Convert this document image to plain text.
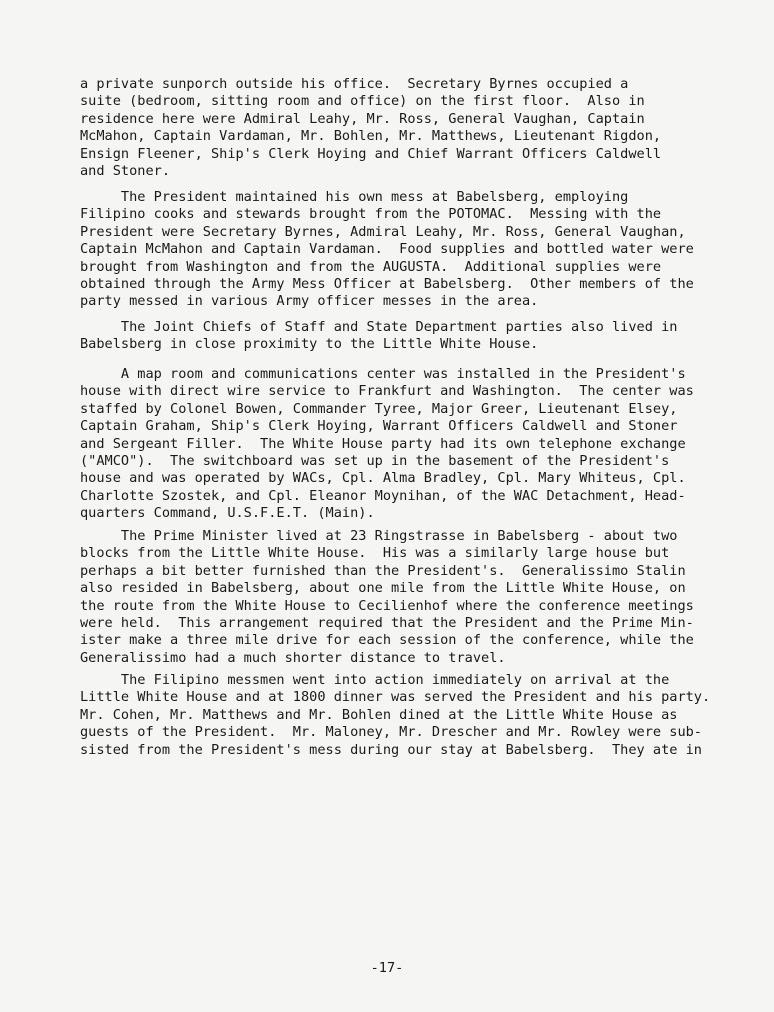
a private sunporch outside his office.  Secretary Byrnes occupied a
suite (bedroom, sitting room and office) on the first floor.  Also in
residence here were Admiral Leahy, Mr. Ross, General Vaughan, Captain
McMahon, Captain Vardaman, Mr. Bohlen, Mr. Matthews, Lieutenant Rigdon,
Ensign Fleener, Ship's Clerk Hoying and Chief Warrant Officers Caldwell
and Stoner.
The President maintained his own mess at Babelsberg, employing
Filipino cooks and stewards brought from the POTOMAC.  Messing with the
President were Secretary Byrnes, Admiral Leahy, Mr. Ross, General Vaughan,
Captain McMahon and Captain Vardaman.  Food supplies and bottled water were
brought from Washington and from the AUGUSTA.  Additional supplies were
obtained through the Army Mess Officer at Babelsberg.  Other members of the
party messed in various Army officer messes in the area.
The Joint Chiefs of Staff and State Department parties also lived in
Babelsberg in close proximity to the Little White House.
A map room and communications center was installed in the President's
house with direct wire service to Frankfurt and Washington.  The center was
staffed by Colonel Bowen, Commander Tyree, Major Greer, Lieutenant Elsey,
Captain Graham, Ship's Clerk Hoying, Warrant Officers Caldwell and Stoner
and Sergeant Filler.  The White House party had its own telephone exchange
("AMCO").  The switchboard was set up in the basement of the President's
house and was operated by WACs, Cpl. Alma Bradley, Cpl. Mary Whiteus, Cpl.
Charlotte Szostek, and Cpl. Eleanor Moynihan, of the WAC Detachment, Head-
quarters Command, U.S.F.E.T. (Main).
The Prime Minister lived at 23 Ringstrasse in Babelsberg - about two
blocks from the Little White House.  His was a similarly large house but
perhaps a bit better furnished than the President's.  Generalissimo Stalin
also resided in Babelsberg, about one mile from the Little White House, on
the route from the White House to Cecilienhof where the conference meetings
were held.  This arrangement required that the President and the Prime Min-
ister make a three mile drive for each session of the conference, while the
Generalissimo had a much shorter distance to travel.
The Filipino messmen went into action immediately on arrival at the
Little White House and at 1800 dinner was served the President and his party.
Mr. Cohen, Mr. Matthews and Mr. Bohlen dined at the Little White House as
guests of the President.  Mr. Maloney, Mr. Drescher and Mr. Rowley were sub-
sisted from the President's mess during our stay at Babelsberg.  They ate in
-17-
